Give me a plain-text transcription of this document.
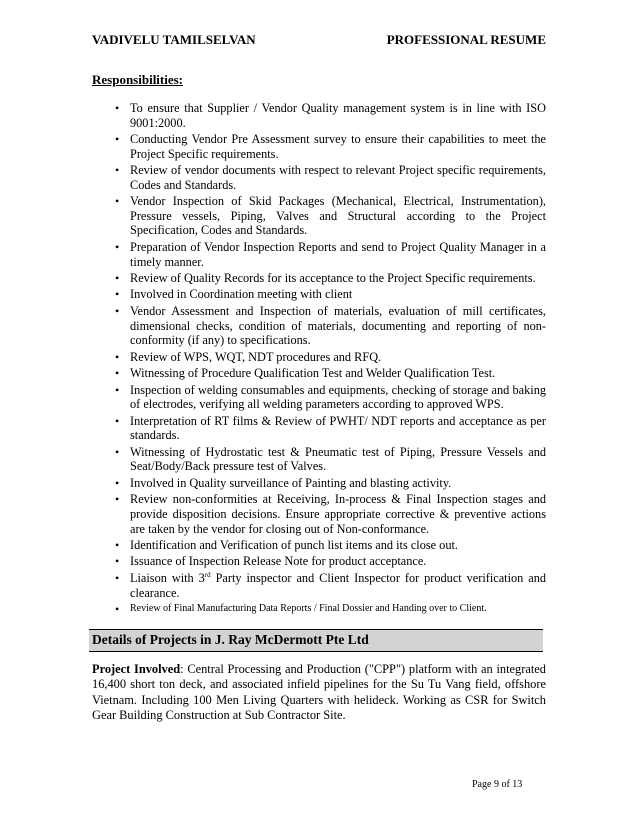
VADIVELU TAMILSELVAN	PROFESSIONAL RESUME
Responsibilities:
• To ensure that Supplier / Vendor Quality management system is in line with ISO 9001:2000.
• Conducting Vendor Pre Assessment survey to ensure their capabilities to meet the Project Specific requirements.
• Review of vendor documents with respect to relevant Project specific requirements, Codes and Standards.
• Vendor Inspection of Skid Packages (Mechanical, Electrical, Instrumentation), Pressure vessels, Piping, Valves and Structural according to the Project Specification, Codes and Standards.
• Preparation of Vendor Inspection Reports and send to Project Quality Manager in a timely manner.
• Review of Quality Records for its acceptance to the Project Specific requirements.
• Involved in Coordination meeting with client
• Vendor Assessment and Inspection of materials, evaluation of mill certificates, dimensional checks, condition of materials, documenting and reporting of non-conformity (if any) to specifications.
• Review of WPS, WQT, NDT procedures and RFQ.
• Witnessing of Procedure Qualification Test and Welder Qualification Test.
• Inspection of welding consumables and equipments, checking of storage and baking of electrodes, verifying all welding parameters according to approved WPS.
• Interpretation of RT films & Review of PWHT/ NDT reports and acceptance as per standards.
• Witnessing of Hydrostatic test & Pneumatic test of Piping, Pressure Vessels and Seat/Body/Back pressure test of Valves.
• Involved in Quality surveillance of Painting and blasting activity.
• Review non-conformities at Receiving, In-process & Final Inspection stages and provide disposition decisions. Ensure appropriate corrective & preventive actions are taken by the vendor for closing out of Non-conformance.
• Identification and Verification of punch list items and its close out.
• Issuance of Inspection Release Note for product acceptance.
• Liaison with 3rd Party inspector and Client Inspector for product verification and clearance.
• Review of Final Manufacturing Data Reports / Final Dossier and Handing over to Client.
Details of Projects in J. Ray McDermott Pte Ltd

Project Involved: Central Processing and Production ("CPP") platform with an integrated 16,400 short ton deck, and associated infield pipelines for the Su Tu Vang field, offshore Vietnam. Including 100 Men Living Quarters with helideck. Working as CSR for Switch Gear Building Construction at Sub Contractor Site.

Page 9 of 13
